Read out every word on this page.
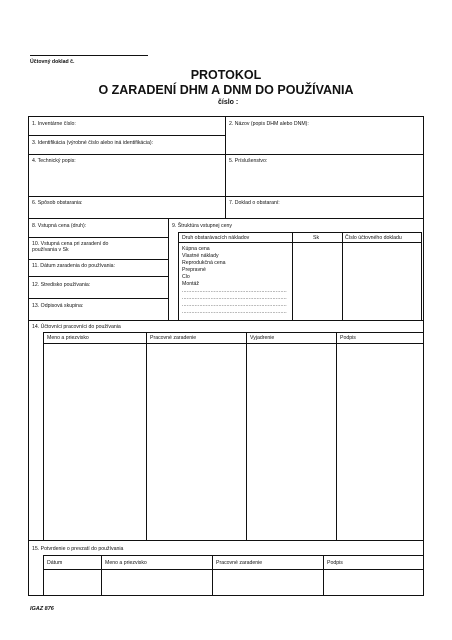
Účtovný doklad č.
PROTOKOL
O ZARADENÍ DHM A DNM DO POUŽÍVANIA
číslo :
1. Inventárne číslo:	2. Názov (popis DHM alebo DNM):
3. Identifikácia (výrobné číslo alebo iná identifikácia):
4. Technický popis:	5. Príslušenstvo:
6. Spôsob obstarania:	7. Doklad o obstaraní:
8. Vstupná cena (druh):
10. Vstupná cena pri zaradení do používania v Sk
11. Dátum zaradenia do používania:
12. Stredisko používania:
13. Odpisová skupina:
9. Štruktúra vstupnej ceny
Druh obstarávacích nákladov	Sk	Číslo účtovného dokladu
Kúpna cena
Vlastné náklady
Reprodukčná cena
Prepravné
Clo
Montáž
..................................................................
..................................................................
..................................................................
..................................................................
14. Účtovníci pracovníci do používania
Meno a priezvisko	Pracovné zaradenie	Vyjadrenie	Podpis
15. Potvrdenie o prevzatí do používania
Dátum	Meno a priezvisko	Pracovné zaradenie	Podpis
IGAZ 876
